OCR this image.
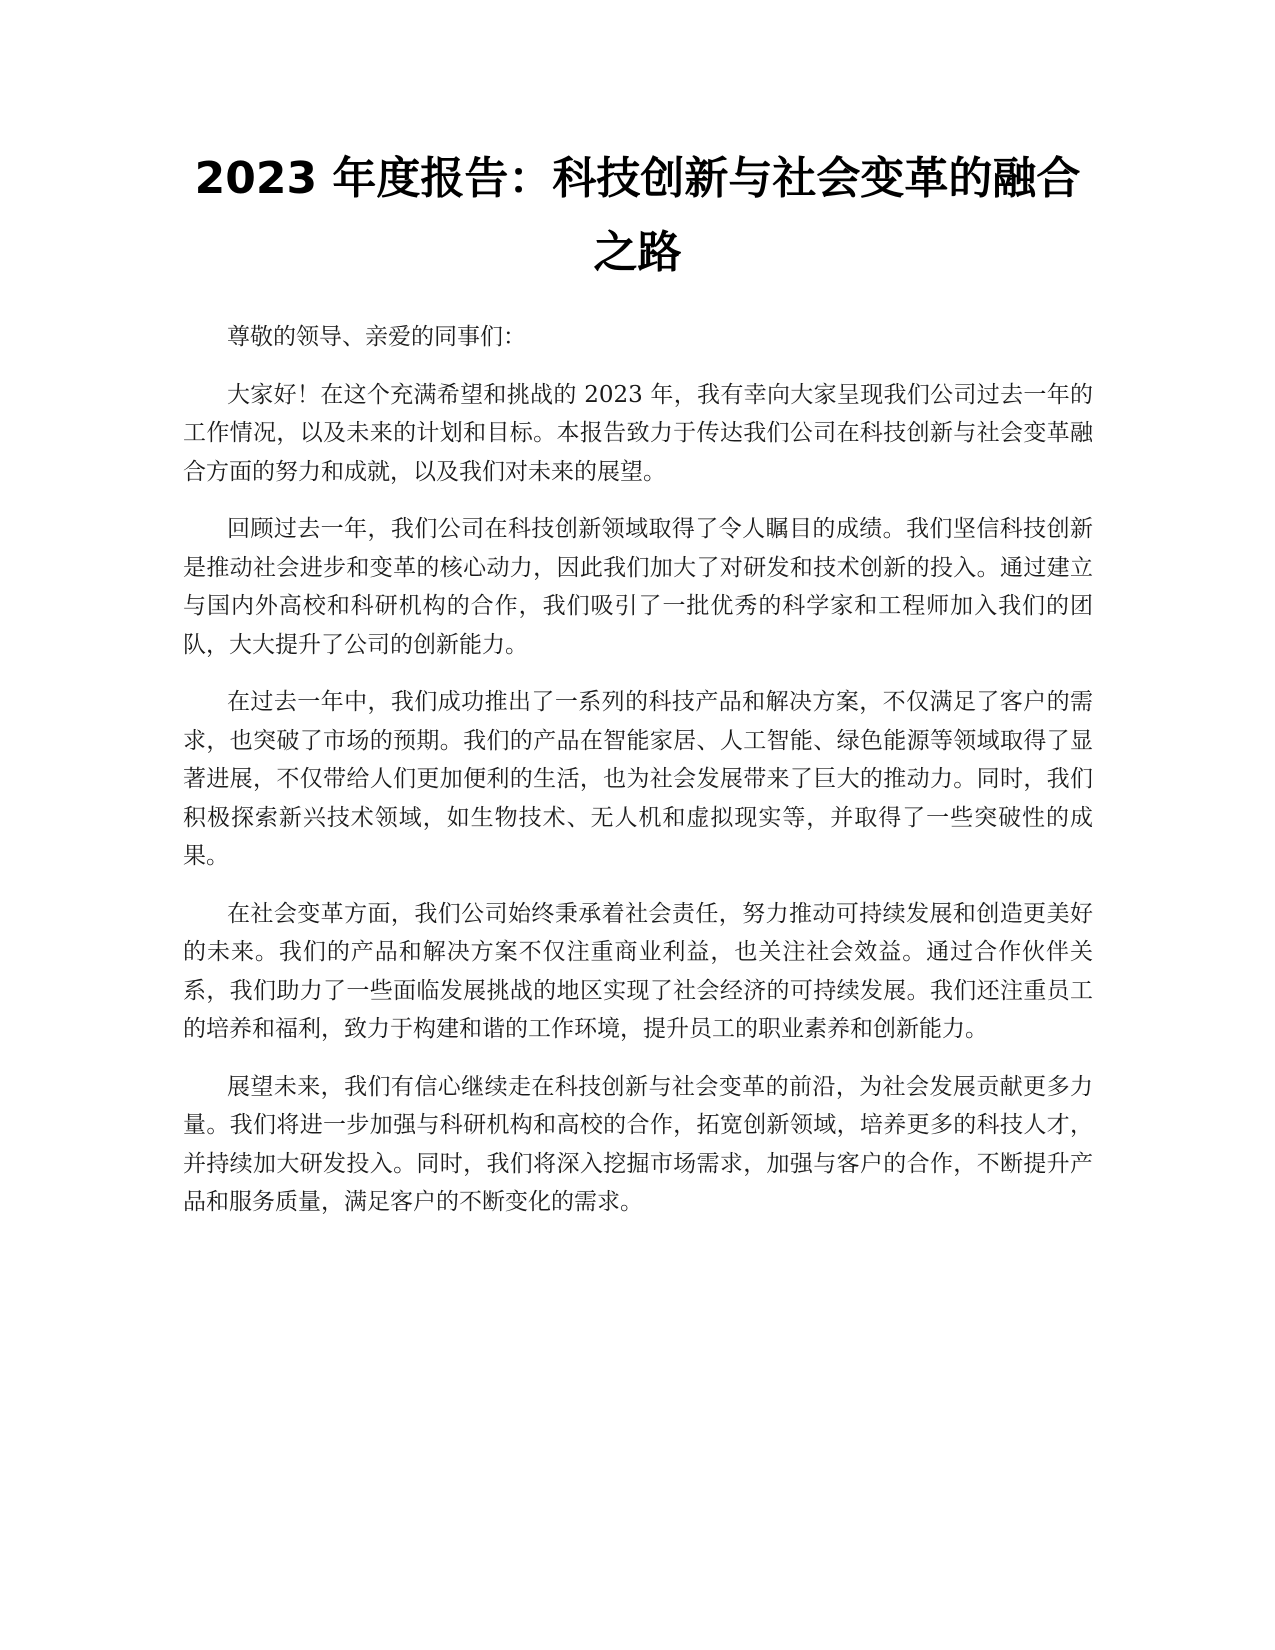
2023 年度报告：科技创新与社会变革的融合之路

尊敬的领导、亲爱的同事们：

大家好！在这个充满希望和挑战的 2023 年，我有幸向大家呈现我们公司过去一年的工作情况，以及未来的计划和目标。本报告致力于传达我们公司在科技创新与社会变革融合方面的努力和成就，以及我们对未来的展望。

回顾过去一年，我们公司在科技创新领域取得了令人瞩目的成绩。我们坚信科技创新是推动社会进步和变革的核心动力，因此我们加大了对研发和技术创新的投入。通过建立与国内外高校和科研机构的合作，我们吸引了一批优秀的科学家和工程师加入我们的团队，大大提升了公司的创新能力。

在过去一年中，我们成功推出了一系列的科技产品和解决方案，不仅满足了客户的需求，也突破了市场的预期。我们的产品在智能家居、人工智能、绿色能源等领域取得了显著进展，不仅带给人们更加便利的生活，也为社会发展带来了巨大的推动力。同时，我们积极探索新兴技术领域，如生物技术、无人机和虚拟现实等，并取得了一些突破性的成果。

在社会变革方面，我们公司始终秉承着社会责任，努力推动可持续发展和创造更美好的未来。我们的产品和解决方案不仅注重商业利益，也关注社会效益。通过合作伙伴关系，我们助力了一些面临发展挑战的地区实现了社会经济的可持续发展。我们还注重员工的培养和福利，致力于构建和谐的工作环境，提升员工的职业素养和创新能力。

展望未来，我们有信心继续走在科技创新与社会变革的前沿，为社会发展贡献更多力量。我们将进一步加强与科研机构和高校的合作，拓宽创新领域，培养更多的科技人才，并持续加大研发投入。同时，我们将深入挖掘市场需求，加强与客户的合作，不断提升产品和服务质量，满足客户的不断变化的需求。
